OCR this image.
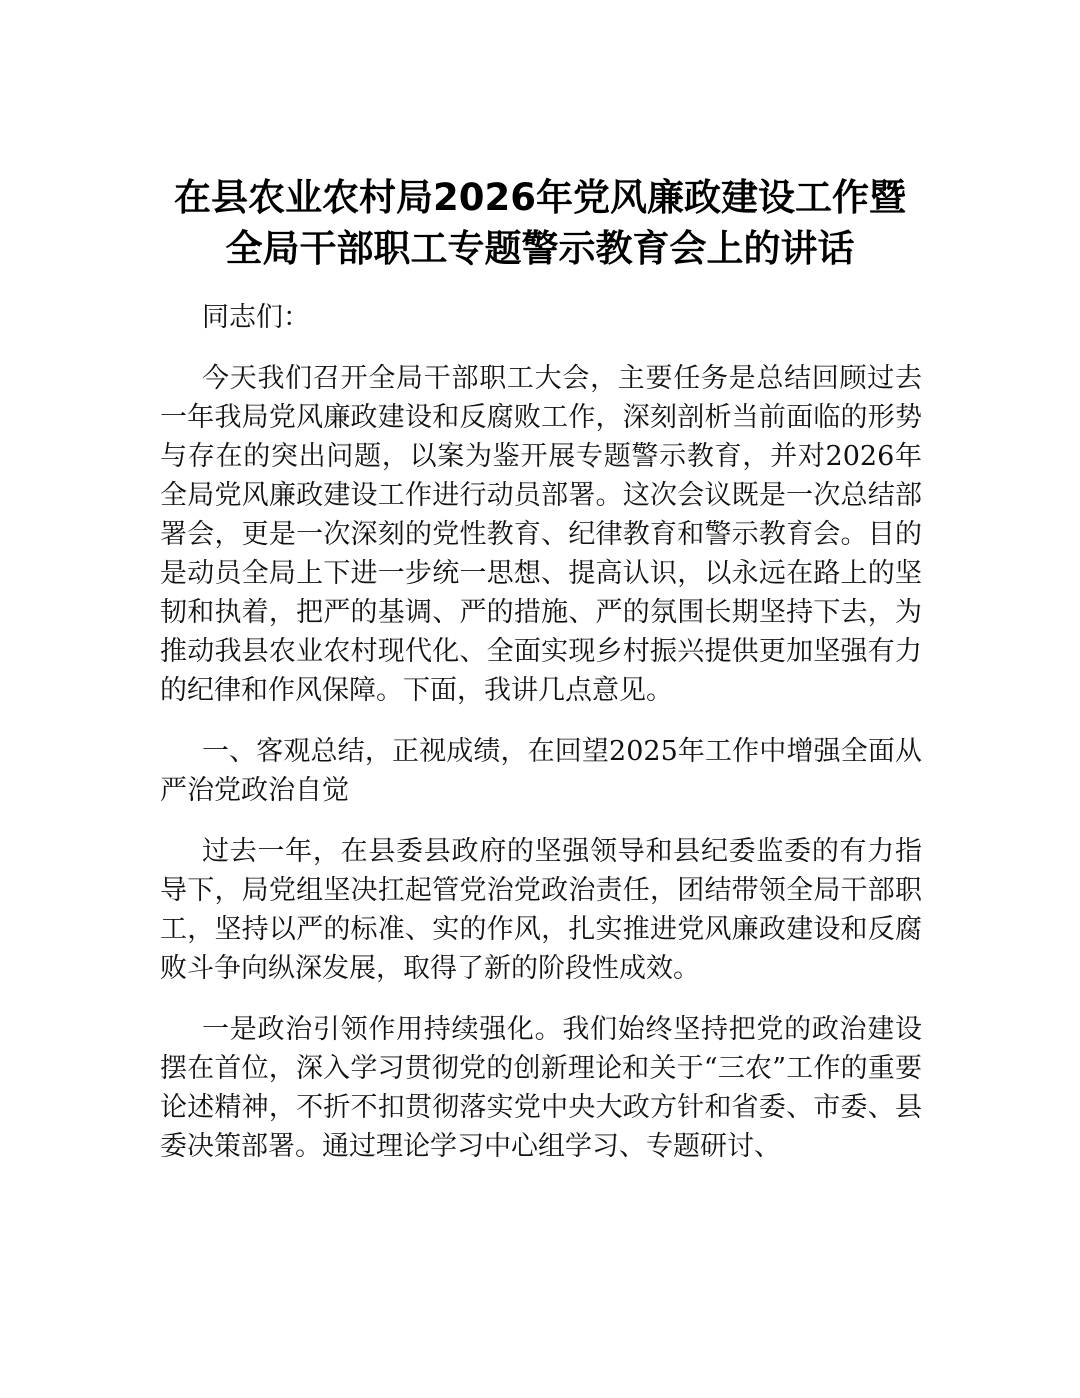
在县农业农村局2026年党风廉政建设工作暨
全局干部职工专题警示教育会上的讲话

同志们：

今天我们召开全局干部职工大会，主要任务是总结回顾过去一年我局党风廉政建设和反腐败工作，深刻剖析当前面临的形势与存在的突出问题，以案为鉴开展专题警示教育，并对2026年全局党风廉政建设工作进行动员部署。这次会议既是一次总结部署会，更是一次深刻的党性教育、纪律教育和警示教育会。目的是动员全局上下进一步统一思想、提高认识，以永远在路上的坚韧和执着，把严的基调、严的措施、严的氛围长期坚持下去，为推动我县农业农村现代化、全面实现乡村振兴提供更加坚强有力的纪律和作风保障。下面，我讲几点意见。

一、客观总结，正视成绩，在回望2025年工作中增强全面从严治党政治自觉

过去一年，在县委县政府的坚强领导和县纪委监委的有力指导下，局党组坚决扛起管党治党政治责任，团结带领全局干部职工，坚持以严的标准、实的作风，扎实推进党风廉政建设和反腐败斗争向纵深发展，取得了新的阶段性成效。

一是政治引领作用持续强化。我们始终坚持把党的政治建设摆在首位，深入学习贯彻党的创新理论和关于“三农”工作的重要论述精神，不折不扣贯彻落实党中央大政方针和省委、市委、县委决策部署。通过理论学习中心组学习、专题研讨、
